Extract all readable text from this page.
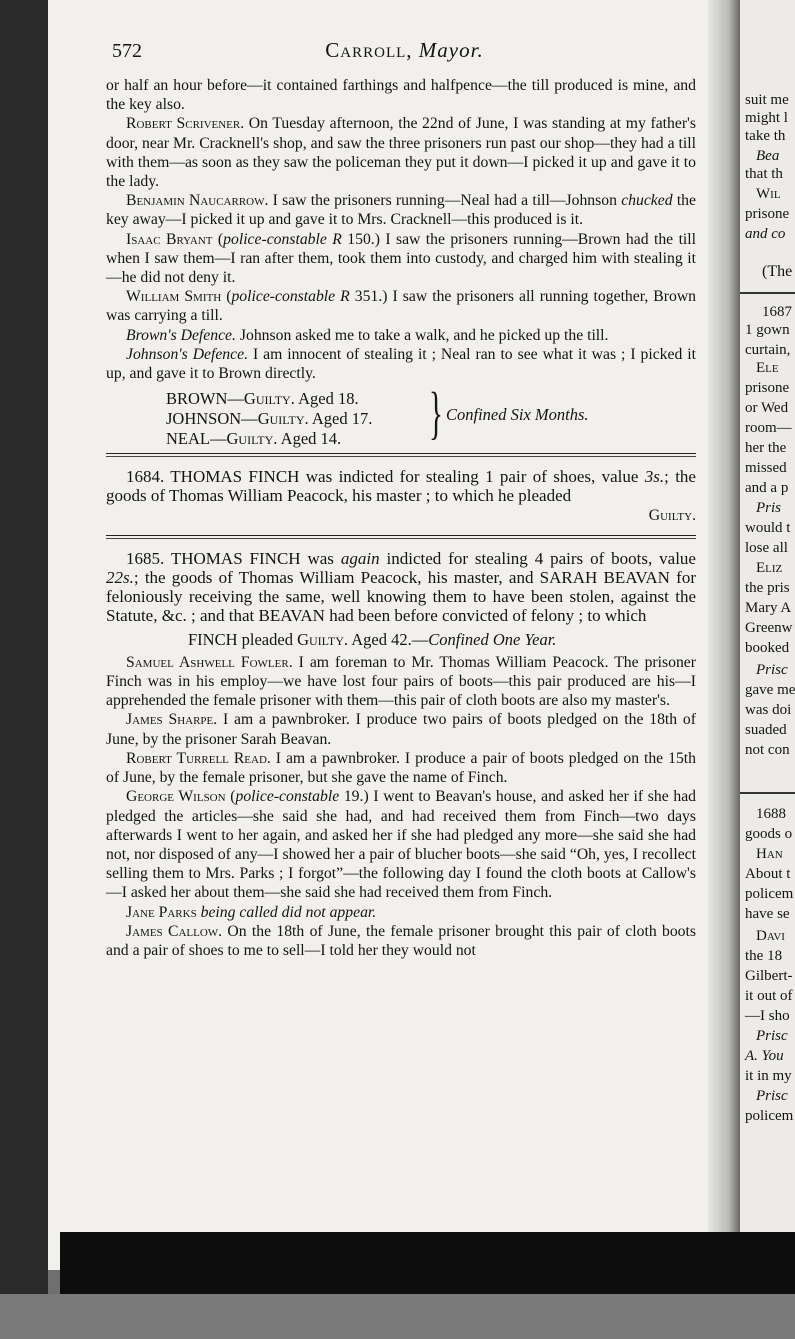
suit me
might l
take th
Bea
that th
Wil
prisone
and co
(The
1687
1 gown
curtain,
Ele
prisone
or Wed
room—
her the
missed
and a p
Pris
would t
lose all
Eliz
the pris
Mary A
Greenw
booked
Prisc
gave me
was doi
suaded
not con
1688
goods o
Han
About t
policem
have se
Davi
the 18
Gilbert-
it out of
—I sho
Prisc
A. You
it in my
Prisc
policem
572	Carroll, Mayor.

or half an hour before—it contained farthings and halfpence—the till produced is mine, and the key also.

Robert Scrivener. On Tuesday afternoon, the 22nd of June, I was standing at my father's door, near Mr. Cracknell's shop, and saw the three prisoners run past our shop—they had a till with them—as soon as they saw the policeman they put it down—I picked it up and gave it to the lady.

Benjamin Naucarrow. I saw the prisoners running—Neal had a till—Johnson chucked the key away—I picked it up and gave it to Mrs. Cracknell—this produced is it.

Isaac Bryant (police-constable R 150.) I saw the prisoners running—Brown had the till when I saw them—I ran after them, took them into custody, and charged him with stealing it—he did not deny it.

William Smith (police-constable R 351.) I saw the prisoners all running together, Brown was carrying a till.

Brown's Defence. Johnson asked me to take a walk, and he picked up the till.

Johnson's Defence. I am innocent of stealing it ; Neal ran to see what it was ; I picked it up, and gave it to Brown directly.

BROWN—Guilty. Aged 18.
JOHNSON—Guilty. Aged 17.
NEAL—Guilty. Aged 14. } Confined Six Months.

1684. THOMAS FINCH was indicted for stealing 1 pair of shoes, value 3s.; the goods of Thomas William Peacock, his master ; to which he pleaded

Guilty.

1685. THOMAS FINCH was again indicted for stealing 4 pairs of boots, value 22s.; the goods of Thomas William Peacock, his master, and SARAH BEAVAN for feloniously receiving the same, well knowing them to have been stolen, against the Statute, &c. ; and that BEAVAN had been before convicted of felony ; to which

FINCH pleaded Guilty. Aged 42.—Confined One Year.

Samuel Ashwell Fowler. I am foreman to Mr. Thomas William Peacock. The prisoner Finch was in his employ—we have lost four pairs of boots—this pair produced are his—I apprehended the female prisoner with them—this pair of cloth boots are also my master's.

James Sharpe. I am a pawnbroker. I produce two pairs of boots pledged on the 18th of June, by the prisoner Sarah Beavan.

Robert Turrell Read. I am a pawnbroker. I produce a pair of boots pledged on the 15th of June, by the female prisoner, but she gave the name of Finch.

George Wilson (police-constable 19.) I went to Beavan's house, and asked her if she had pledged the articles—she said she had, and had received them from Finch—two days afterwards I went to her again, and asked her if she had pledged any more—she said she had not, nor disposed of any—I showed her a pair of blucher boots—she said “Oh, yes, I recollect selling them to Mrs. Parks ; I forgot”—the following day I found the cloth boots at Callow's—I asked her about them—she said she had received them from Finch.

Jane Parks being called did not appear.

James Callow. On the 18th of June, the female prisoner brought this pair of cloth boots and a pair of shoes to me to sell—I told her they would not
